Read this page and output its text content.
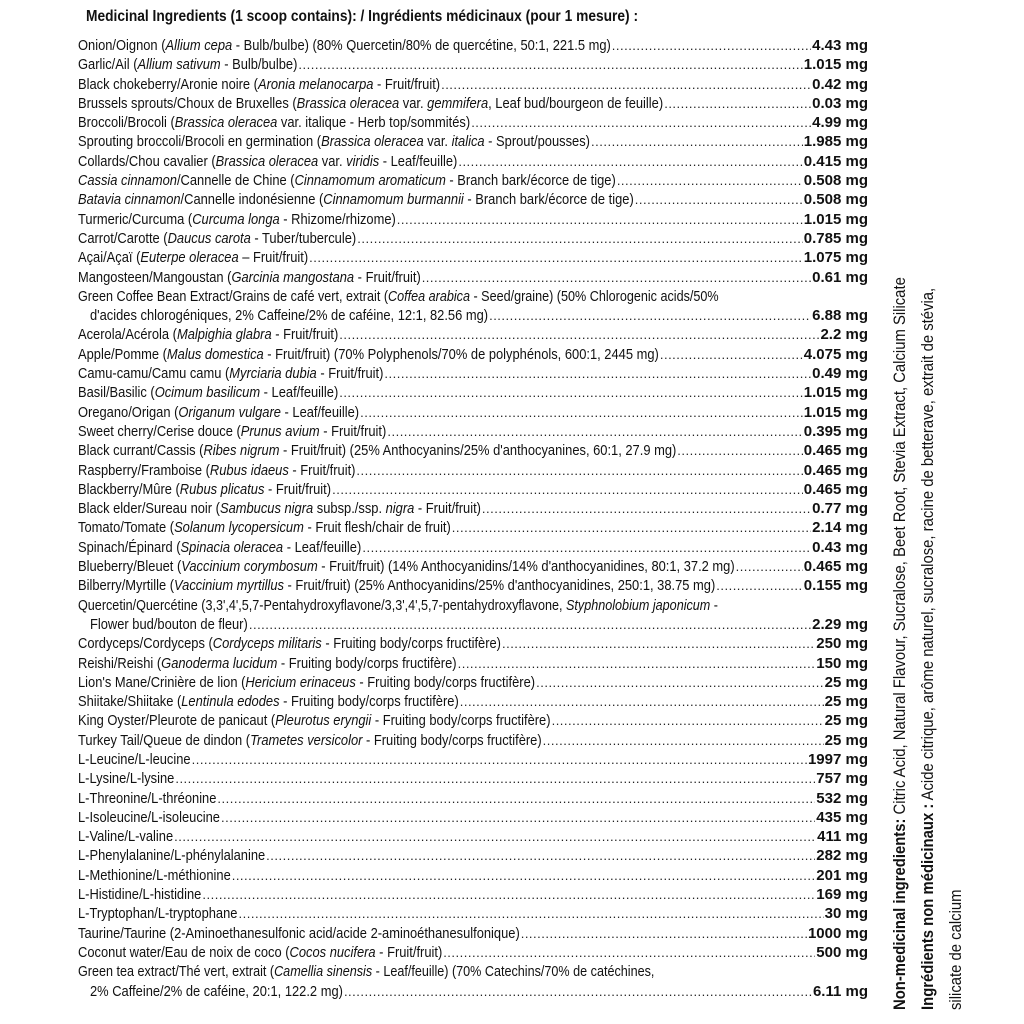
Medicinal Ingredients (1 scoop contains): / Ingrédients médicinaux (pour 1 mesure) :
Onion/Oignon (Allium cepa - Bulb/bulbe) (80% Quercetin/80% de quercétine, 50:1, 221.5 mg) .....	4.43 mg
Garlic/Ail (Allium sativum - Bulb/bulbe) .....	1.015 mg
Black chokeberry/Aronie noire (Aronia melanocarpa - Fruit/fruit) .....	0.42 mg
Brussels sprouts/Choux de Bruxelles (Brassica oleracea var. gemmifera, Leaf bud/bourgeon de feuille) .....	0.03 mg
Broccoli/Brocoli (Brassica oleracea var. italique - Herb top/sommités) .....	4.99 mg
Sprouting broccoli/Brocoli en germination (Brassica oleracea var. italica - Sprout/pousses) .....	1.985 mg
Collards/Chou cavalier (Brassica oleracea var. viridis - Leaf/feuille) .....	0.415 mg
Cassia cinnamon/Cannelle de Chine (Cinnamomum aromaticum - Branch bark/écorce de tige) .....	0.508 mg
Batavia cinnamon/Cannelle indonésienne (Cinnamomum burmannii - Branch bark/écorce de tige) .....	0.508 mg
Turmeric/Curcuma (Curcuma longa - Rhizome/rhizome) .....	1.015 mg
Carrot/Carotte (Daucus carota - Tuber/tubercule) .....	0.785 mg
Açai/Açaï (Euterpe oleracea – Fruit/fruit) .....	1.075 mg
Mangosteen/Mangoustan (Garcinia mangostana - Fruit/fruit) .....	0.61 mg
Green Coffee Bean Extract/Grains de café vert, extrait (Coffea arabica - Seed/graine) (50% Chlorogenic acids/50%
d'acides chlorogéniques, 2% Caffeine/2% de caféine, 12:1, 82.56 mg) .....	6.88 mg
Acerola/Acérola (Malpighia glabra - Fruit/fruit) .....	2.2 mg
Apple/Pomme (Malus domestica - Fruit/fruit) (70% Polyphenols/70% de polyphénols, 600:1, 2445 mg) .....	4.075 mg
Camu-camu/Camu camu (Myrciaria dubia - Fruit/fruit) .....	0.49 mg
Basil/Basilic (Ocimum basilicum - Leaf/feuille) .....	1.015 mg
Oregano/Origan (Origanum vulgare - Leaf/feuille) .....	1.015 mg
Sweet cherry/Cerise douce (Prunus avium - Fruit/fruit) .....	0.395 mg
Black currant/Cassis (Ribes nigrum - Fruit/fruit) (25% Anthocyanins/25% d'anthocyanines, 60:1, 27.9 mg) .....	0.465 mg
Raspberry/Framboise (Rubus idaeus - Fruit/fruit) .....	0.465 mg
Blackberry/Mûre (Rubus plicatus - Fruit/fruit) .....	0.465 mg
Black elder/Sureau noir (Sambucus nigra subsp./ssp. nigra - Fruit/fruit) .....	0.77 mg
Tomato/Tomate (Solanum lycopersicum - Fruit flesh/chair de fruit) .....	2.14 mg
Spinach/Épinard (Spinacia oleracea - Leaf/feuille) .....	0.43 mg
Blueberry/Bleuet (Vaccinium corymbosum - Fruit/fruit) (14% Anthocyanidins/14% d'anthocyanidines, 80:1, 37.2 mg) .....	0.465 mg
Bilberry/Myrtille (Vaccinium myrtillus - Fruit/fruit) (25% Anthocyanidins/25% d'anthocyanidines, 250:1, 38.75 mg) .....	0.155 mg
Quercetin/Quercétine (3,3',4',5,7-Pentahydroxyflavone/3,3',4',5,7-pentahydroxyflavone, Styphnolobium japonicum -
Flower bud/bouton de fleur) .....	2.29 mg
Cordyceps/Cordyceps (Cordyceps militaris - Fruiting body/corps fructifère) .....	250 mg
Reishi/Reishi (Ganoderma lucidum - Fruiting body/corps fructifère) .....	150 mg
Lion's Mane/Crinière de lion (Hericium erinaceus - Fruiting body/corps fructifère) .....	25 mg
Shiitake/Shiitake (Lentinula edodes - Fruiting body/corps fructifère) .....	25 mg
King Oyster/Pleurote de panicaut (Pleurotus eryngii - Fruiting body/corps fructifère) .....	25 mg
Turkey Tail/Queue de dindon (Trametes versicolor - Fruiting body/corps fructifère) .....	25 mg
L-Leucine/L-leucine .....	1997 mg
L-Lysine/L-lysine .....	757 mg
L-Threonine/L-thréonine .....	532 mg
L-Isoleucine/L-isoleucine .....	435 mg
L-Valine/L-valine .....	411 mg
L-Phenylalanine/L-phénylalanine .....	282 mg
L-Methionine/L-méthionine .....	201 mg
L-Histidine/L-histidine .....	169 mg
L-Tryptophan/L-tryptophane .....	30 mg
Taurine/Taurine (2-Aminoethanesulfonic acid/acide 2-aminoéthanesulfonique) .....	1000 mg
Coconut water/Eau de noix de coco (Cocos nucifera - Fruit/fruit) .....	500 mg
Green tea extract/Thé vert, extrait (Camellia sinensis - Leaf/feuille) (70% Catechins/70% de catéchines,
2% Caffeine/2% de caféine, 20:1, 122.2 mg) .....	6.11 mg Non-medicinal ingredients: Citric Acid, Natural Flavour, Sucralose, Beet Root, Stevia Extract, Calcium Silicate
Ingrédients non médicinaux : Acide citrique, arôme naturel, sucralose, racine de betterave, extrait de stévia,
silicate de calcium
